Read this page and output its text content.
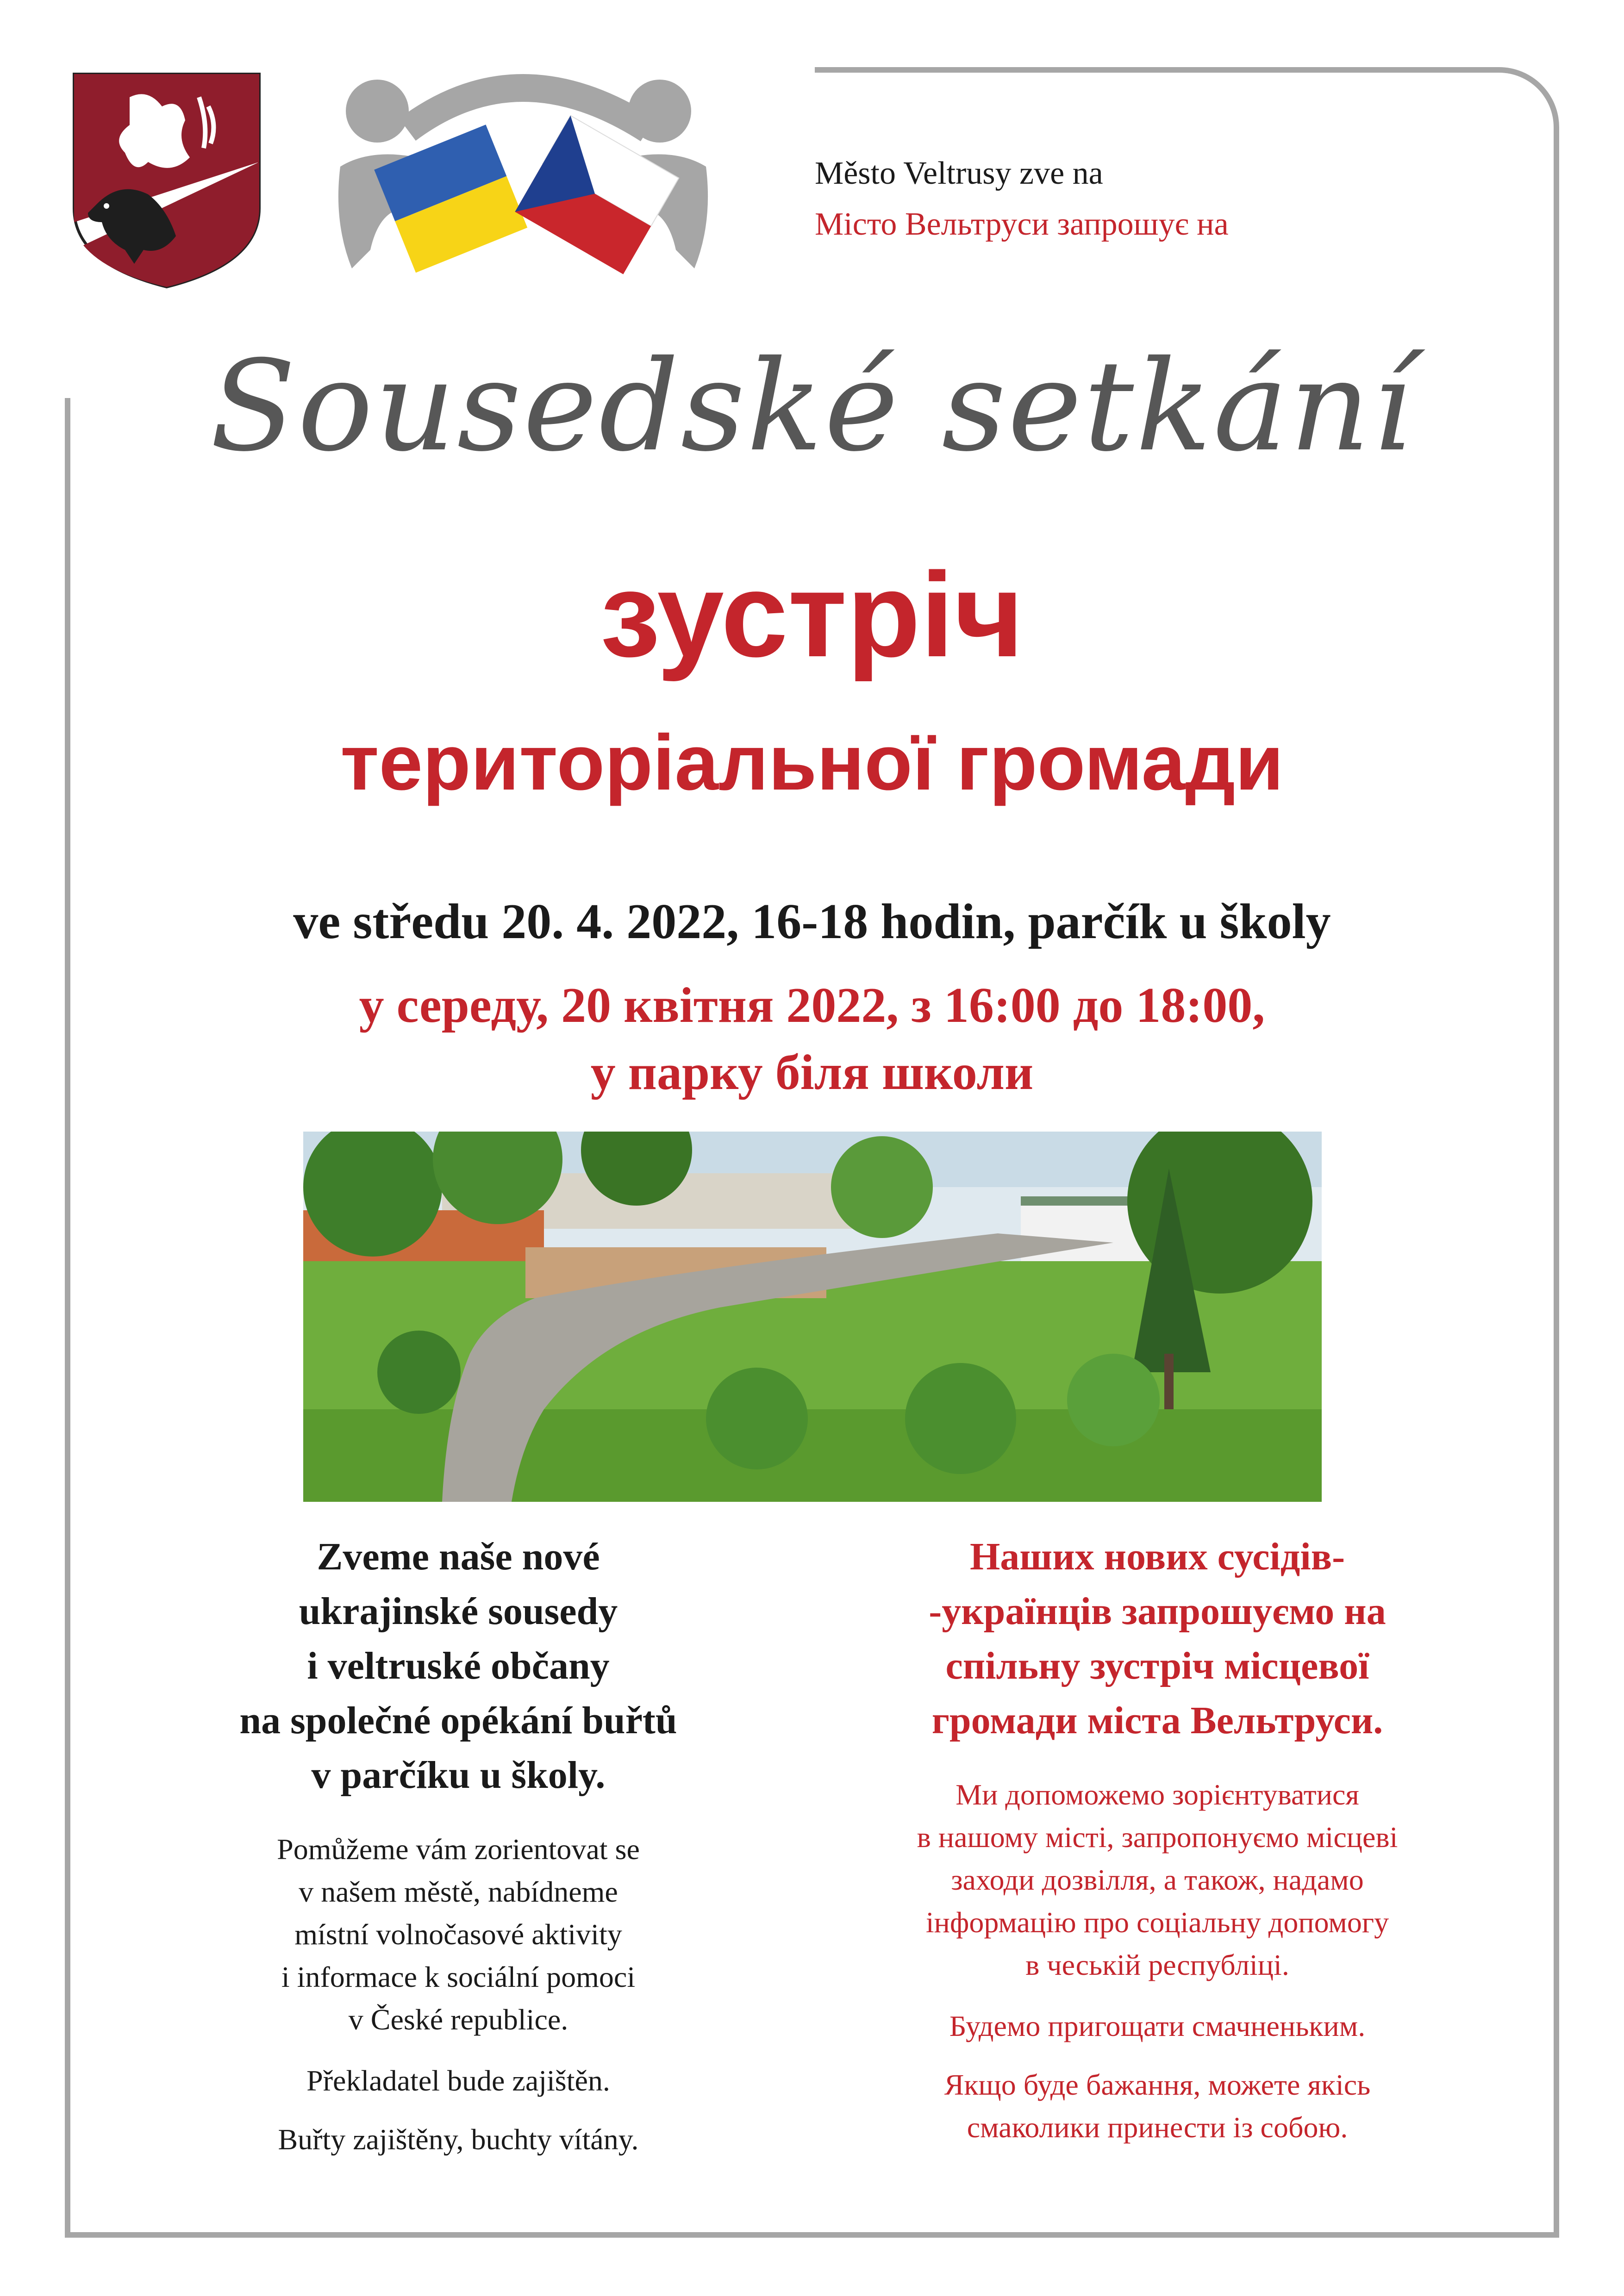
Město Veltrusy zve na
Місто Вельтруси запрошує на
Sousedské setkání
зустріч
територіальної громади
ve středu 20. 4. 2022, 16-18 hodin, parčík u školy
у середу, 20 квітня 2022, з 16:00 до 18:00,
у парку біля школи

Zveme naše nové

ukrajinské sousedy

i veltruské občany

na společné opékání buřtů

v parčíku u školy.

Pomůžeme vám zorientovat se

v našem městě, nabídneme

místní volnočasové aktivity

i informace k sociální pomoci

v České republice.

Překladatel bude zajištěn.

Buřty zajištěny, buchty vítány.

Наших нових сусідів-

-українців запрошуємо на

спільну зустріч місцевої

громади міста Вельтруси.

Ми допоможемо зорієнтуватися

в нашому місті, запропонуємо місцеві

заходи дозвілля, а також, надамо

інформацію про соціальну допомогу

в чеській республіці.

Будемо пригощати смачненьким.

Якщо буде бажання, можете якісь

смаколики принести із собою.
